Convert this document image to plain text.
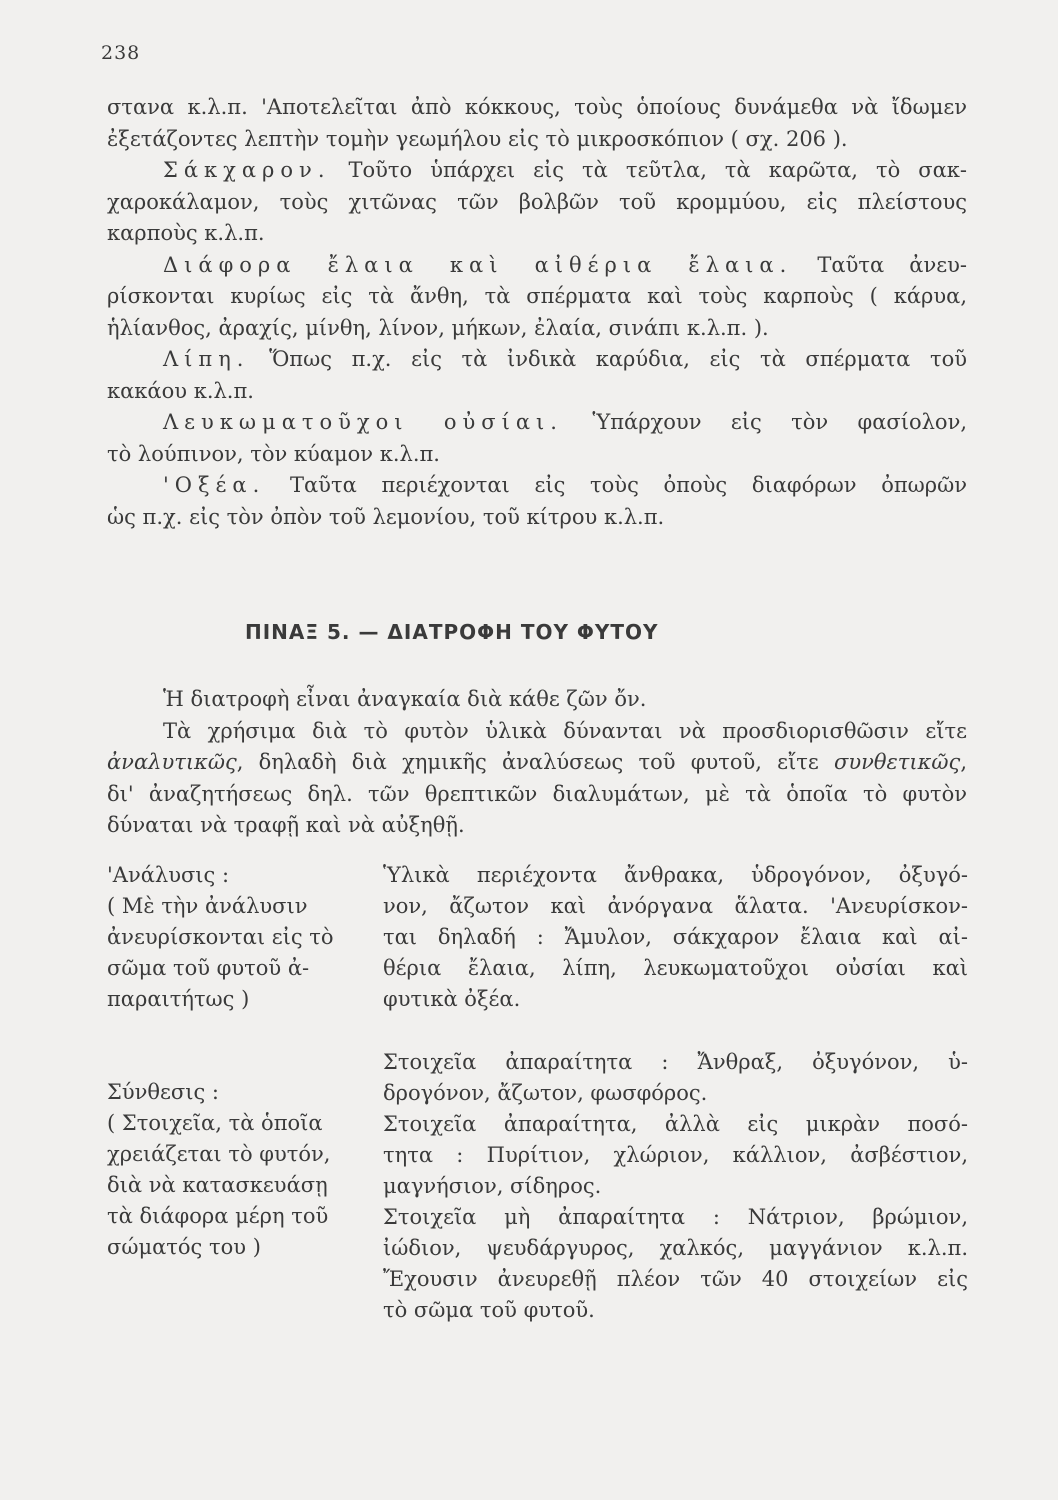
238
στανα κ.λ.π. 'Αποτελεῖται ἀπὸ κόκκους, τοὺς ὁποίους δυνάμεθα νὰ ἴδωμεν
ἐξετάζοντες λεπτὴν τομὴν γεωμήλου εἰς τὸ μικροσκόπιον ( σχ. 206 ).
Σάκχαρον. Τοῦτο ὑπάρχει εἰς τὰ τεῦτλα, τὰ καρῶτα, τὸ σακ-
χαροκάλαμον, τοὺς χιτῶνας τῶν βολβῶν τοῦ κρομμύου, εἰς πλείστους
καρποὺς κ.λ.π.
Διάφορα ἔλαια καὶ αἰθέρια ἔλαια. Ταῦτα ἀνευ-
ρίσκονται κυρίως εἰς τὰ ἄνθη, τὰ σπέρματα καὶ τοὺς καρποὺς ( κάρυα,
ἡλίανθος, ἀραχίς, μίνθη, λίνον, μήκων, ἐλαία, σινάπι κ.λ.π. ).
Λίπη. Ὅπως π.χ. εἰς τὰ ἰνδικὰ καρύδια, εἰς τὰ σπέρματα τοῦ
κακάου κ.λ.π.
Λευκωματοῦχοι οὐσίαι. Ὑπάρχουν εἰς τὸν φασίολον,
τὸ λούπινον, τὸν κύαμον κ.λ.π.
'Οξέα. Ταῦτα περιέχονται εἰς τοὺς ὀποὺς διαφόρων ὀπωρῶν
ὡς π.χ. εἰς τὸν ὀπὸν τοῦ λεμονίου, τοῦ κίτρου κ.λ.π.
ΠΙΝΑΞ 5. — ΔΙΑΤΡΟΦΗ ΤΟΥ ΦΥΤΟΥ
Ἡ διατροφὴ εἶναι ἀναγκαία διὰ κάθε ζῶν ὄν.
Τὰ χρήσιμα διὰ τὸ φυτὸν ὑλικὰ δύνανται νὰ προσδιορισθῶσιν εἴτε
ἀναλυτικῶς, δηλαδὴ διὰ χημικῆς ἀναλύσεως τοῦ φυτοῦ, εἴτε συνθετικῶς,
δι' ἀναζητήσεως δηλ. τῶν θρεπτικῶν διαλυμάτων, μὲ τὰ ὁποῖα τὸ φυτὸν
δύναται νὰ τραφῇ καὶ νὰ αὐξηθῇ.
'Ανάλυσις :
( Μὲ τὴν ἀνάλυσιν
ἀνευρίσκονται εἰς τὸ
σῶμα τοῦ φυτοῦ ἀ-
παραιτήτως )
Σύνθεσις :
( Στοιχεῖα, τὰ ὁποῖα
χρειάζεται τὸ φυτόν,
διὰ νὰ κατασκευάσῃ
τὰ διάφορα μέρη τοῦ
σώματός του )
Ὑλικὰ περιέχοντα ἄνθρακα, ὑδρογόνον, ὀξυγό-
νον, ἄζωτον καὶ ἀνόργανα ἅλατα. 'Ανευρίσκον-
ται δηλαδή : Ἄμυλον, σάκχαρον ἔλαια καὶ αἰ-
θέρια ἔλαια, λίπη, λευκωματοῦχοι οὐσίαι καὶ
φυτικὰ ὀξέα.
Στοιχεῖα ἀπαραίτητα : Ἄνθραξ, ὀξυγόνον, ὑ-
δρογόνον, ἄζωτον, φωσφόρος.
Στοιχεῖα ἀπαραίτητα, ἀλλὰ εἰς μικρὰν ποσό-
τητα : Πυρίτιον, χλώριον, κάλλιον, ἀσβέστιον,
μαγνήσιον, σίδηρος.
Στοιχεῖα μὴ ἀπαραίτητα : Νάτριον, βρώμιον,
ἰώδιον, ψευδάργυρος, χαλκός, μαγγάνιον κ.λ.π.
Ἔχουσιν ἀνευρεθῇ πλέον τῶν 40 στοιχείων εἰς
τὸ σῶμα τοῦ φυτοῦ.
